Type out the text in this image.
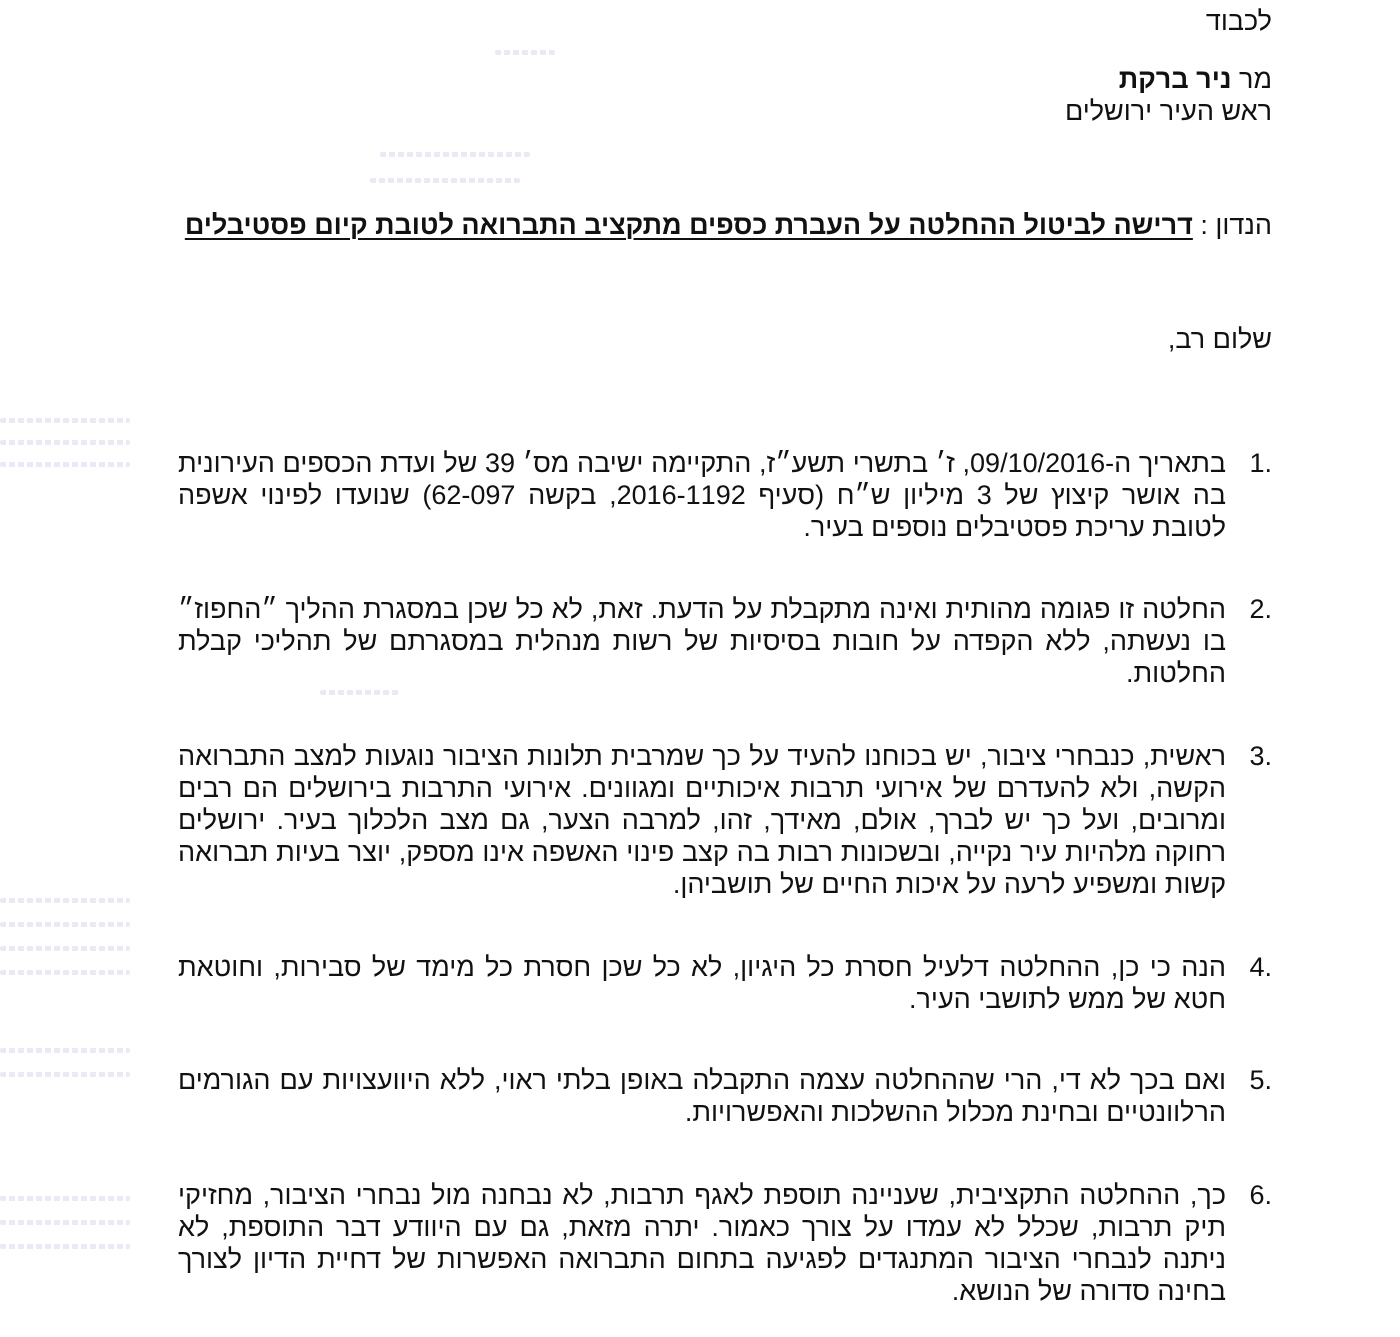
לכבוד
מר ניר ברקת
ראש העיר ירושלים
הנדון : דרישה לביטול ההחלטה על העברת כספים מתקציב התברואה לטובת קיום פסטיבלים
שלום רב,
1.
בתאריך ה-09/10/2016, ז׳ בתשרי תשע״ז, התקיימה ישיבה מס׳ 39 של ועדת הכספים העירונית בה אושר קיצוץ של 3 מיליון ש״ח (סעיף 2016-1192, בקשה 62-097) שנועדו לפינוי אשפה לטובת עריכת פסטיבלים נוספים בעיר.
2.
החלטה זו פגומה מהותית ואינה מתקבלת על הדעת. זאת, לא כל שכן במסגרת ההליך ״החפוז״ בו נעשתה, ללא הקפדה על חובות בסיסיות של רשות מנהלית במסגרתם של תהליכי קבלת החלטות.
3.
ראשית, כנבחרי ציבור, יש בכוחנו להעיד על כך שמרבית תלונות הציבור נוגעות למצב התברואה הקשה, ולא להעדרם של אירועי תרבות איכותיים ומגוונים. אירועי התרבות בירושלים הם רבים ומרובים, ועל כך יש לברך, אולם, מאידך, זהו, למרבה הצער, גם מצב הלכלוך בעיר. ירושלים רחוקה מלהיות עיר נקייה, ובשכונות רבות בה קצב פינוי האשפה אינו מספק, יוצר בעיות תברואה קשות ומשפיע לרעה על איכות החיים של תושביהן.
4.
הנה כי כן, ההחלטה דלעיל חסרת כל היגיון, לא כל שכן חסרת כל מימד של סבירות, וחוטאת חטא של ממש לתושבי העיר.
5.
ואם בכך לא די, הרי שההחלטה עצמה התקבלה באופן בלתי ראוי, ללא היוועצויות עם הגורמים הרלוונטיים ובחינת מכלול ההשלכות והאפשרויות.
6.
כך, ההחלטה התקציבית, שעניינה תוספת לאגף תרבות, לא נבחנה מול נבחרי הציבור, מחזיקי תיק תרבות, שכלל לא עמדו על צורך כאמור. יתרה מזאת, גם עם היוודע דבר התוספת, לא ניתנה לנבחרי הציבור המתנגדים לפגיעה בתחום התברואה האפשרות של דחיית הדיון לצורך בחינה סדורה של הנושא.
